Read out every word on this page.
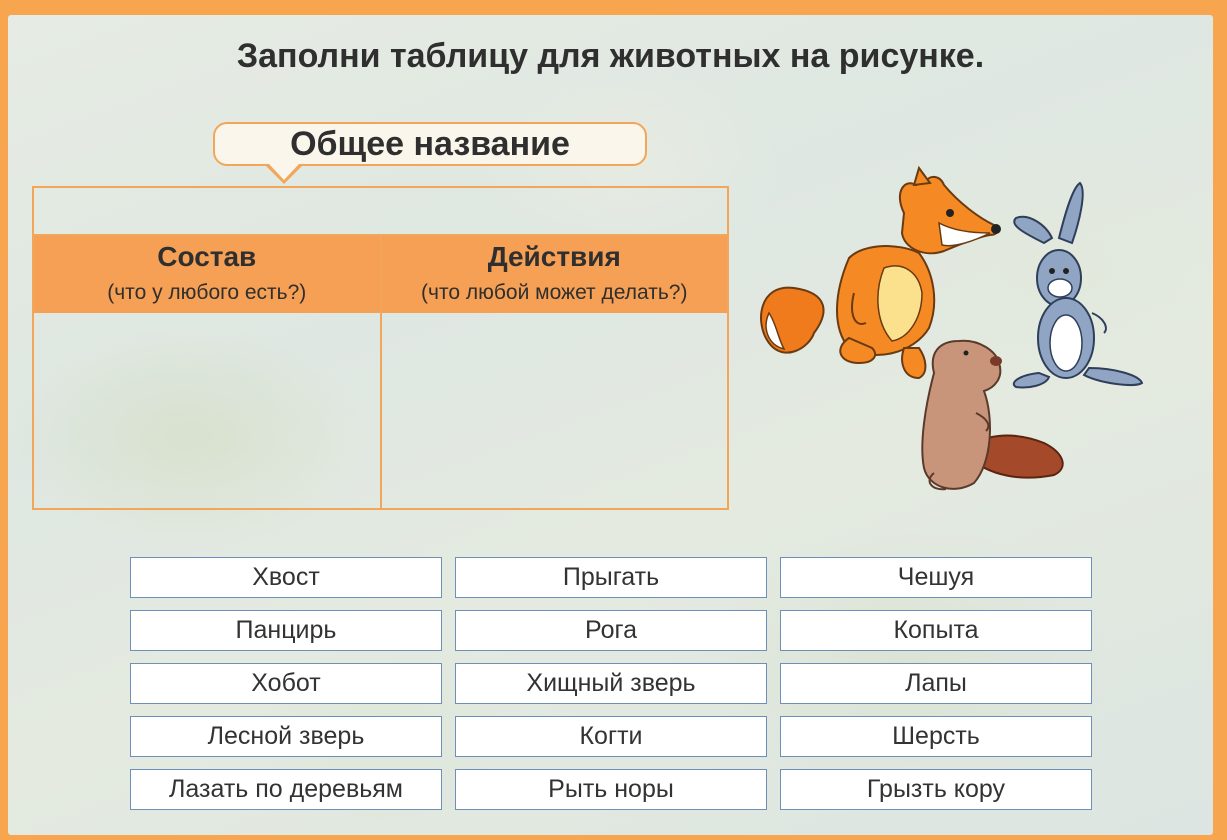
Заполни таблицу для животных на рисунке.
Общее название
Состав
(что у любого есть?)
Действия
(что любой может делать?)
Хвост	Прыгать	Чешуя
Панцирь	Рога	Копыта
Хобот	Хищный зверь	Лапы
Лесной зверь	Когти	Шерсть
Лазать по деревьям	Рыть норы	Грызть кору
